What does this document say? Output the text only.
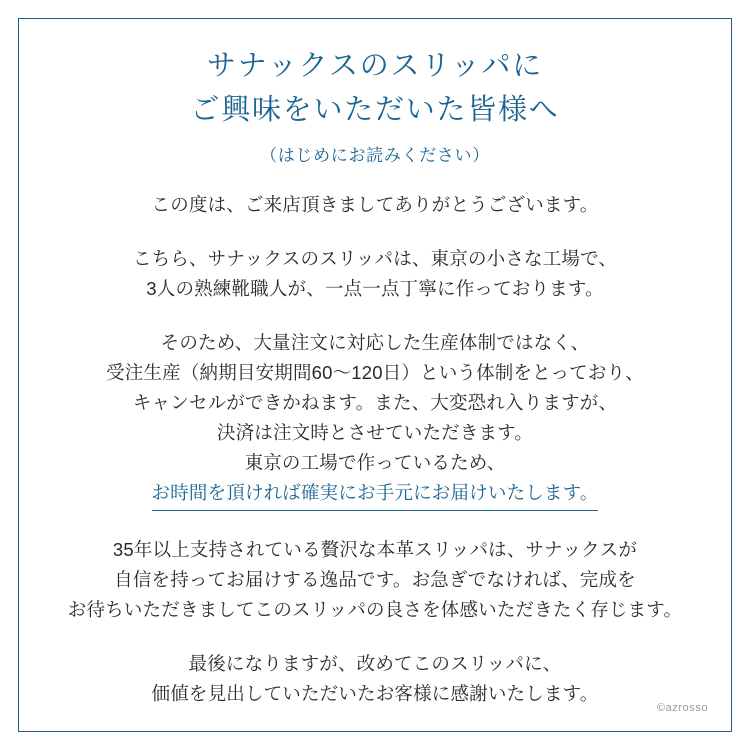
サナックスのスリッパに
ご興味をいただいた皆様へ

（はじめにお読みください）

この度は、ご来店頂きましてありがとうございます。
こちら、サナックスのスリッパは、東京の小さな工場で、
3人の熟練靴職人が、一点一点丁寧に作っております。
そのため、大量注文に対応した生産体制ではなく、
受注生産（納期目安期間60〜120日）という体制をとっており、
キャンセルができかねます。また、大変恐れ入りますが、
決済は注文時とさせていただきます。
東京の工場で作っているため、
お時間を頂ければ確実にお手元にお届けいたします。
35年以上支持されている贅沢な本革スリッパは、サナックスが
自信を持ってお届けする逸品です。お急ぎでなければ、完成を
お待ちいただきましてこのスリッパの良さを体感いただきたく存じます。
最後になりますが、改めてこのスリッパに、
価値を見出していただいたお客様に感謝いたします。
©azrosso
